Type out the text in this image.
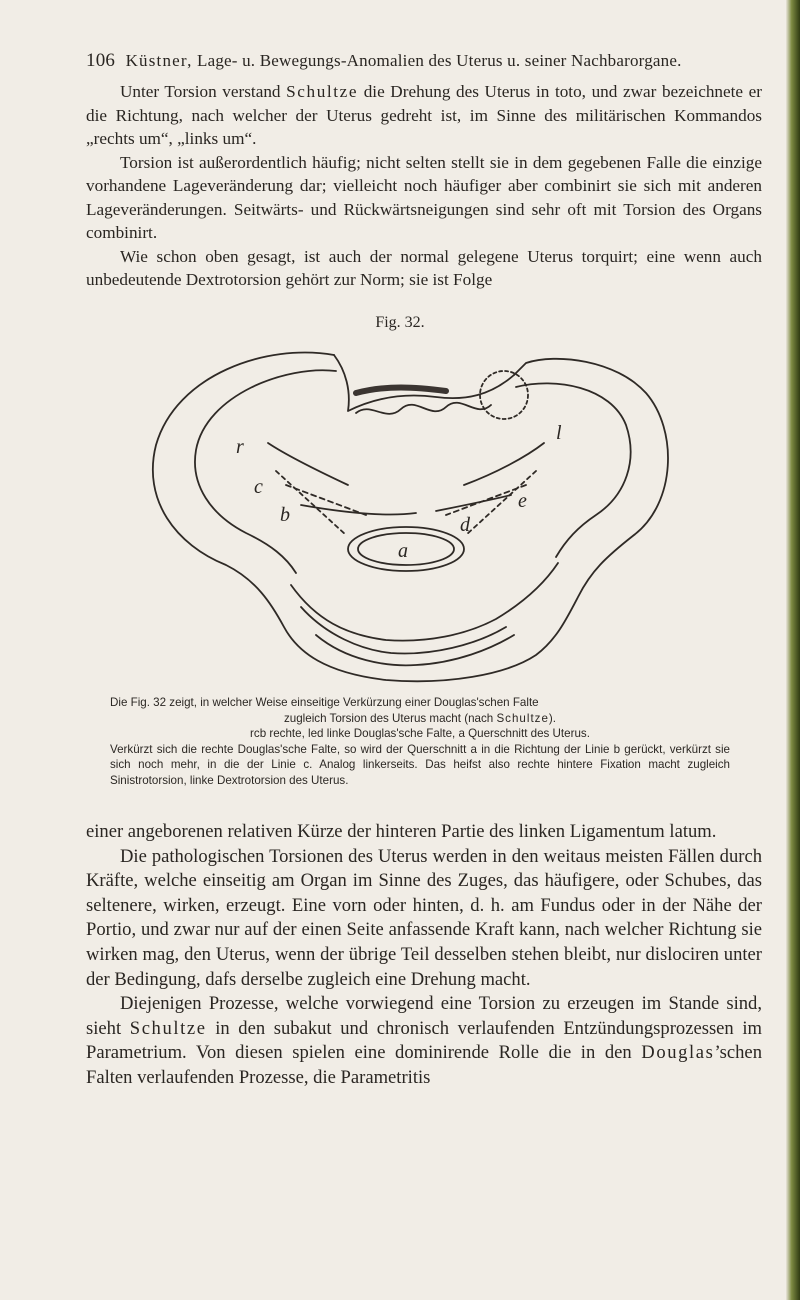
106 Küstner, Lage- u. Bewegungs-Anomalien des Uterus u. seiner Nachbarorgane.

Unter Torsion verstand Schultze die Drehung des Uterus in toto, und zwar bezeichnete er die Richtung, nach welcher der Uterus gedreht ist, im Sinne des militärischen Kommandos „rechts um“, „links um“.

Torsion ist außerordentlich häufig; nicht selten stellt sie in dem gegebenen Falle die einzige vorhandene Lageveränderung dar; vielleicht noch häufiger aber combinirt sie sich mit anderen Lageveränderungen. Seitwärts- und Rückwärtsneigungen sind sehr oft mit Torsion des Organs combinirt.

Wie schon oben gesagt, ist auch der normal gelegene Uterus torquirt; eine wenn auch unbedeutende Dextrotorsion gehört zur Norm; sie ist Folge

Fig. 32.
r
l
c
e
b	d
a
Die Fig. 32 zeigt, in welcher Weise einseitige Verkürzung einer Douglas'schen Falte
zugleich Torsion des Uterus macht (nach Schultze).
rcb rechte, led linke Douglas'sche Falte, a Querschnitt des Uterus.
Verkürzt sich die rechte Douglas'sche Falte, so wird der Querschnitt a in die Richtung der Linie b gerückt, verkürzt sie sich noch mehr, in die der Linie c. Analog linkerseits. Das heifst also rechte hintere Fixation macht zugleich Sinistrotorsion, linke Dextrotorsion des Uterus.

einer angeborenen relativen Kürze der hinteren Partie des linken Ligamentum latum.

Die pathologischen Torsionen des Uterus werden in den weitaus meisten Fällen durch Kräfte, welche einseitig am Organ im Sinne des Zuges, das häufigere, oder Schubes, das seltenere, wirken, erzeugt. Eine vorn oder hinten, d. h. am Fundus oder in der Nähe der Portio, und zwar nur auf der einen Seite anfassende Kraft kann, nach welcher Richtung sie wirken mag, den Uterus, wenn der übrige Teil desselben stehen bleibt, nur dislociren unter der Bedingung, dafs derselbe zugleich eine Drehung macht.

Diejenigen Prozesse, welche vorwiegend eine Torsion zu erzeugen im Stande sind, sieht Schultze in den subakut und chronisch verlaufenden Entzündungsprozessen im Parametrium. Von diesen spielen eine dominirende Rolle die in den Douglas’schen Falten verlaufenden Prozesse, die Parametritis
